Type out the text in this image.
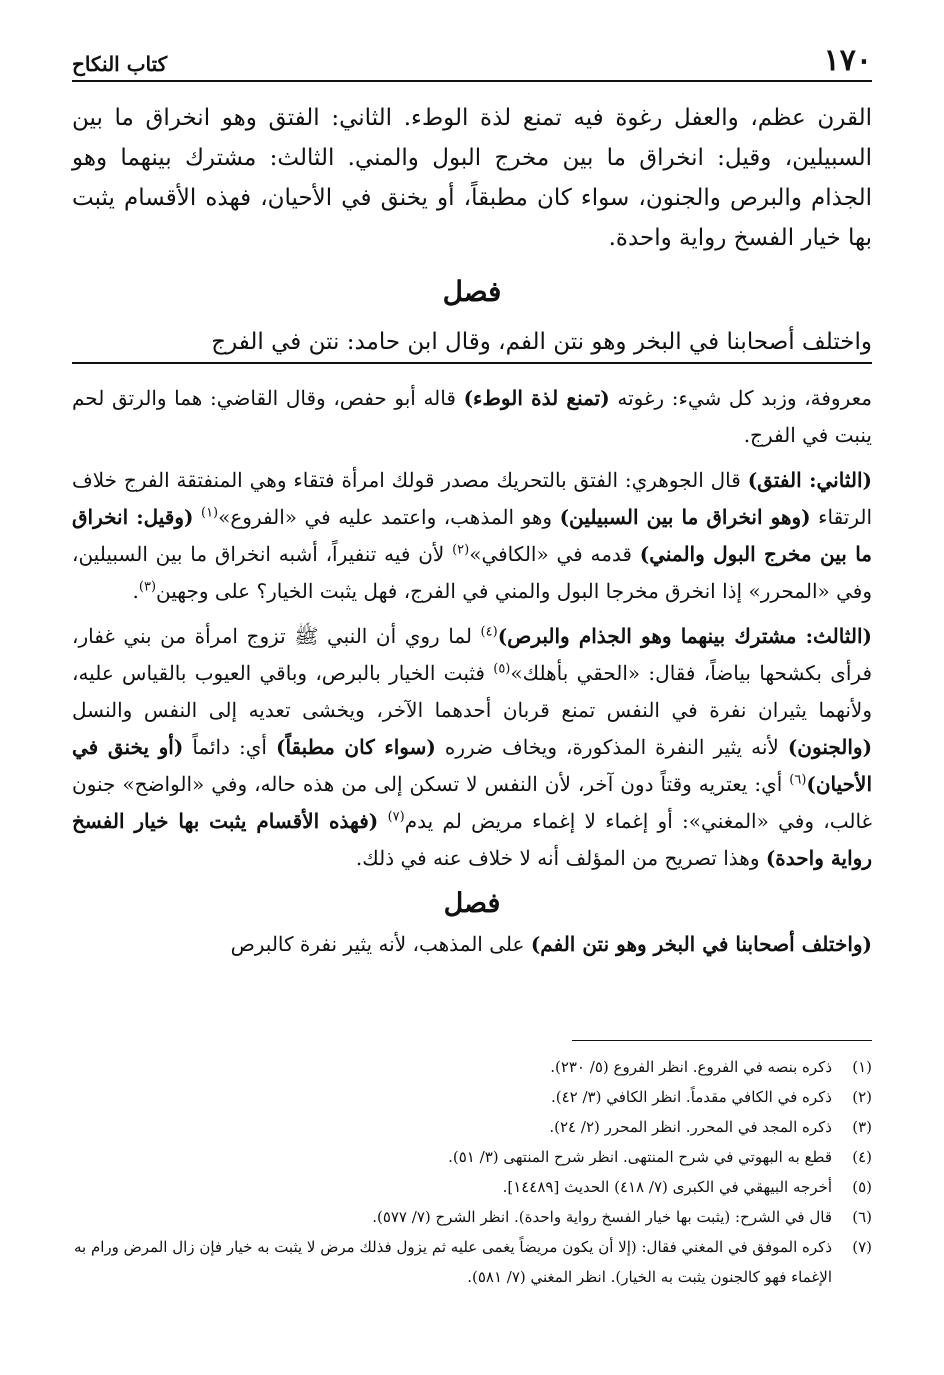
١٧٠
كتاب النكاح

القرن عظم، والعفل رغوة فيه تمنع لذة الوطء. الثاني: الفتق وهو انخراق ما بين السبيلين، وقيل: انخراق ما بين مخرج البول والمني. الثالث: مشترك بينهما وهو الجذام والبرص والجنون، سواء كان مطبقاً، أو يخنق في الأحيان، فهذه الأقسام يثبت بها خيار الفسخ رواية واحدة.

فصل

واختلف أصحابنا في البخر وهو نتن الفم، وقال ابن حامد: نتن في الفرج

معروفة، وزبد كل شيء: رغوته (تمنع لذة الوطء) قاله أبو حفص، وقال القاضي: هما والرتق لحم ينبت في الفرج.

(الثاني: الفتق) قال الجوهري: الفتق بالتحريك مصدر قولك امرأة فتقاء وهي المنفتقة الفرج خلاف الرتقاء (وهو انخراق ما بين السبيلين) وهو المذهب، واعتمد عليه في «الفروع»$^{(١)}$ (وقيل: انخراق ما بين مخرج البول والمني) قدمه في «الكافي»$^{(٢)}$ لأن فيه تنفيراً، أشبه انخراق ما بين السبيلين، وفي «المحرر» إذا انخرق مخرجا البول والمني في الفرج، فهل يثبت الخيار؟ على وجهين$^{(٣)}$.

(الثالث: مشترك بينهما وهو الجذام والبرص)$^{(٤)}$ لما روي أن النبي ﷺ تزوج امرأة من بني غفار، فرأى بكشحها بياضاً، فقال: «الحقي بأهلك»$^{(٥)}$ فثبت الخيار بالبرص، وباقي العيوب بالقياس عليه، ولأنهما يثيران نفرة في النفس تمنع قربان أحدهما الآخر، ويخشى تعديه إلى النفس والنسل (والجنون) لأنه يثير النفرة المذكورة، ويخاف ضرره (سواء كان مطبقاً) أي: دائماً (أو يخنق في الأحيان)$^{(٦)}$ أي: يعتريه وقتاً دون آخر، لأن النفس لا تسكن إلى من هذه حاله، وفي «الواضح» جنون غالب، وفي «المغني»: أو إغماء لا إغماء مريض لم يدم$^{(٧)}$ (فهذه الأقسام يثبت بها خيار الفسخ رواية واحدة) وهذا تصريح من المؤلف أنه لا خلاف عنه في ذلك.

فصل

(واختلف أصحابنا في البخر وهو نتن الفم) على المذهب، لأنه يثير نفرة كالبرص

(١)
ذكره بنصه في الفروع. انظر الفروع (٥/ ٢٣٠).
(٢)
ذكره في الكافي مقدماً. انظر الكافي (٣/ ٤٢).
(٣)
ذكره المجد في المحرر. انظر المحرر (٢/ ٢٤).
(٤)
قطع به البهوتي في شرح المنتهى. انظر شرح المنتهى (٣/ ٥١).
(٥)
أخرجه البيهقي في الكبرى (٧/ ٤١٨) الحديث [١٤٤٨٩].
(٦)
قال في الشرح: (يثبت بها خيار الفسخ رواية واحدة). انظر الشرح (٧/ ٥٧٧).
(٧)
ذكره الموفق في المغني فقال: (إلا أن يكون مريضاً يغمى عليه ثم يزول فذلك مرض لا يثبت به خيار فإن زال المرض ورام به الإغماء فهو كالجنون يثبت به الخيار). انظر المغني (٧/ ٥٨١).
